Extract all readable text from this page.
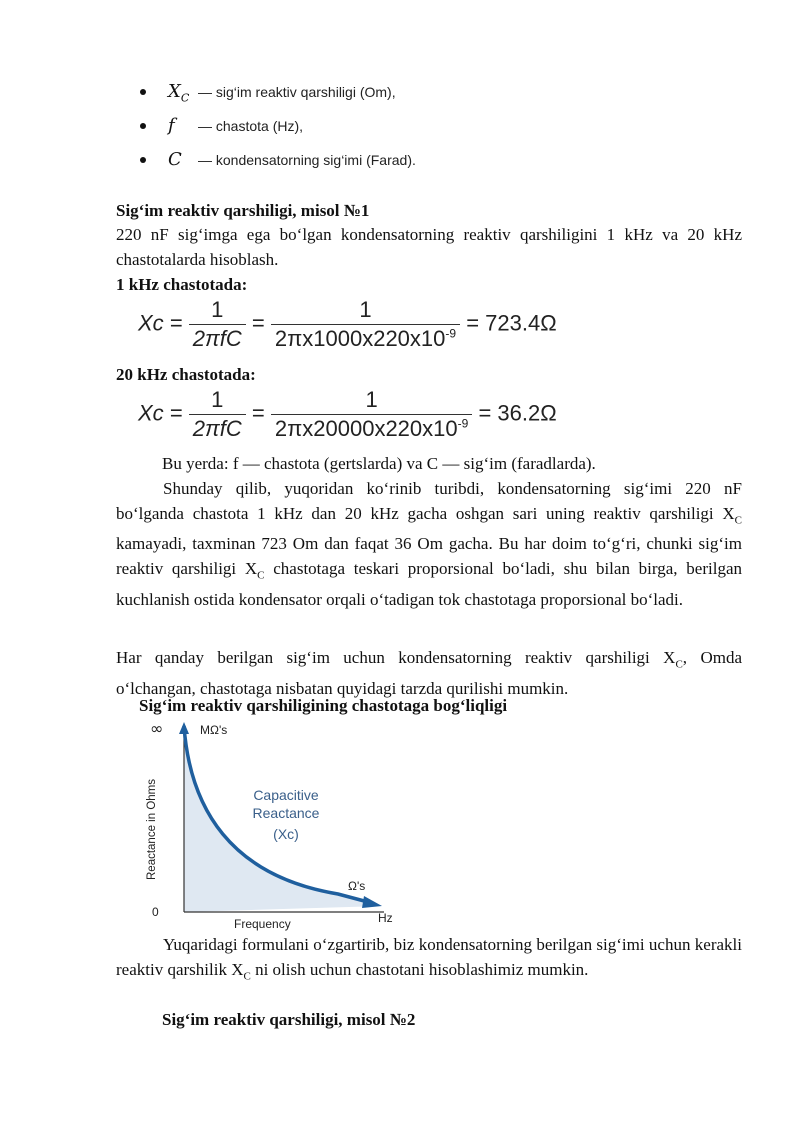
$X_C$ — sig‘im reaktiv qarshiligi (Om),
f — chastota (Hz),
C — kondensatorning sig‘imi (Farad).
Sig‘im reaktiv qarshiligi, misol №1
220 nF sig‘imga ega bo‘lgan kondensatorning reaktiv qarshiligini 1 kHz va 20 kHz chastotalarda hisoblash.
1 kHz chastotada:
$Xc = \frac{1}{\text{2πfC}} = \frac{1}{2\pi x1000x220x10^{-9}} = 723.4\Omega$
20 kHz chastotada:
$Xc = \frac{1}{\text{2πfC}} = \frac{1}{2\pi x20000x220x10^{-9}} = 36.2\Omega$
Bu yerda: f — chastota (gertslarda) va C — sig‘im (faradlarda).
Shunday qilib, yuqoridan ko‘rinib turibdi, kondensatorning sig‘imi 220 nF bo‘lganda chastota 1 kHz dan 20 kHz gacha oshgan sari uning reaktiv qarshiligi $X_C$ kamayadi, taxminan 723 Om dan faqat 36 Om gacha. Bu har doim to‘g‘ri, chunki sig‘im reaktiv qarshiligi $X_C$ chastotaga teskari proporsional bo‘ladi, shu bilan birga, berilgan kuchlanish ostida kondensator orqali o‘tadigan tok chastotaga proporsional bo‘ladi.
Har qanday berilgan sig‘im uchun kondensatorning reaktiv qarshiligi $X_C$, Omda o‘lchangan, chastotaga nisbatan quyidagi tarzda qurilishi mumkin.
Sig‘im reaktiv qarshiligining chastotaga bog‘liqligi
∞
0
Reactance in Ohms
MΩ's
Capacitive
Reactance
(Xc)
Ω's
Frequency	Hz
Yuqaridagi formulani o‘zgartirib, biz kondensatorning berilgan sig‘imi uchun kerakli reaktiv qarshilik $X_C$ ni olish uchun chastotani hisoblashimiz mumkin.
Sig‘im reaktiv qarshiligi, misol №2
